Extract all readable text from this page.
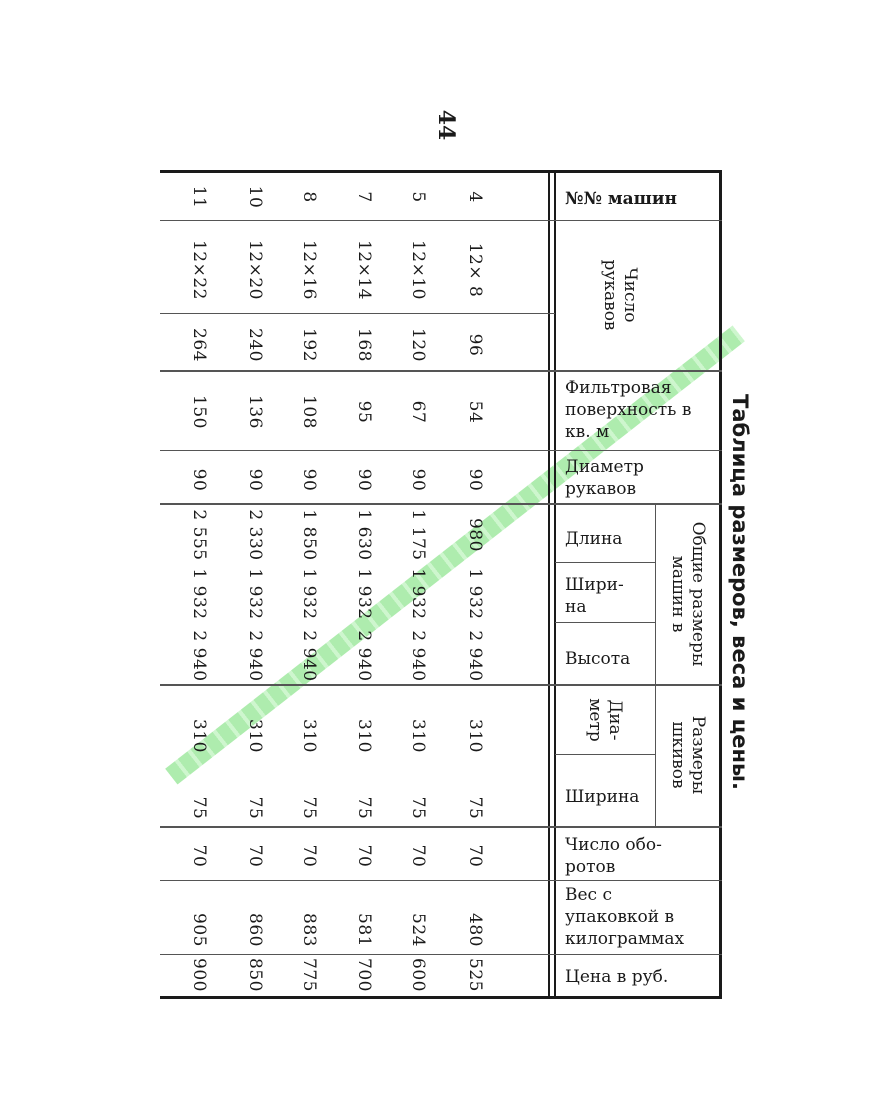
44
Таблица размеров, веса и цены.
№№ машин
Фильтровая поверхность в кв. м
Диаметр рукавов
Длина
Шири-на
Высота
Ширина
Число обо-ротов
Вес с упаковкой в килограммах
Цена в руб.
Число рукавов
Общие размеры машин в
Размеры шкивов
Диа-метр
4
12× 8
96
54
90
980
1 932
2 940
310
75
70
480
525
5
12×10
120
67
90
1 175
1 932
2 940
310
75
70
524
600
7
12×14
168
95
90
1 630
1 932
2 940
310
75
70
581
700
8
12×16
192
108
90
1 850
1 932
2 940
310
75
70
883
775
10
12×20
240
136
90
2 330
1 932
2 940
310
75
70
860
850
11
12×22
264
150
90
2 555
1 932
2 940
310
75
70
905
900
